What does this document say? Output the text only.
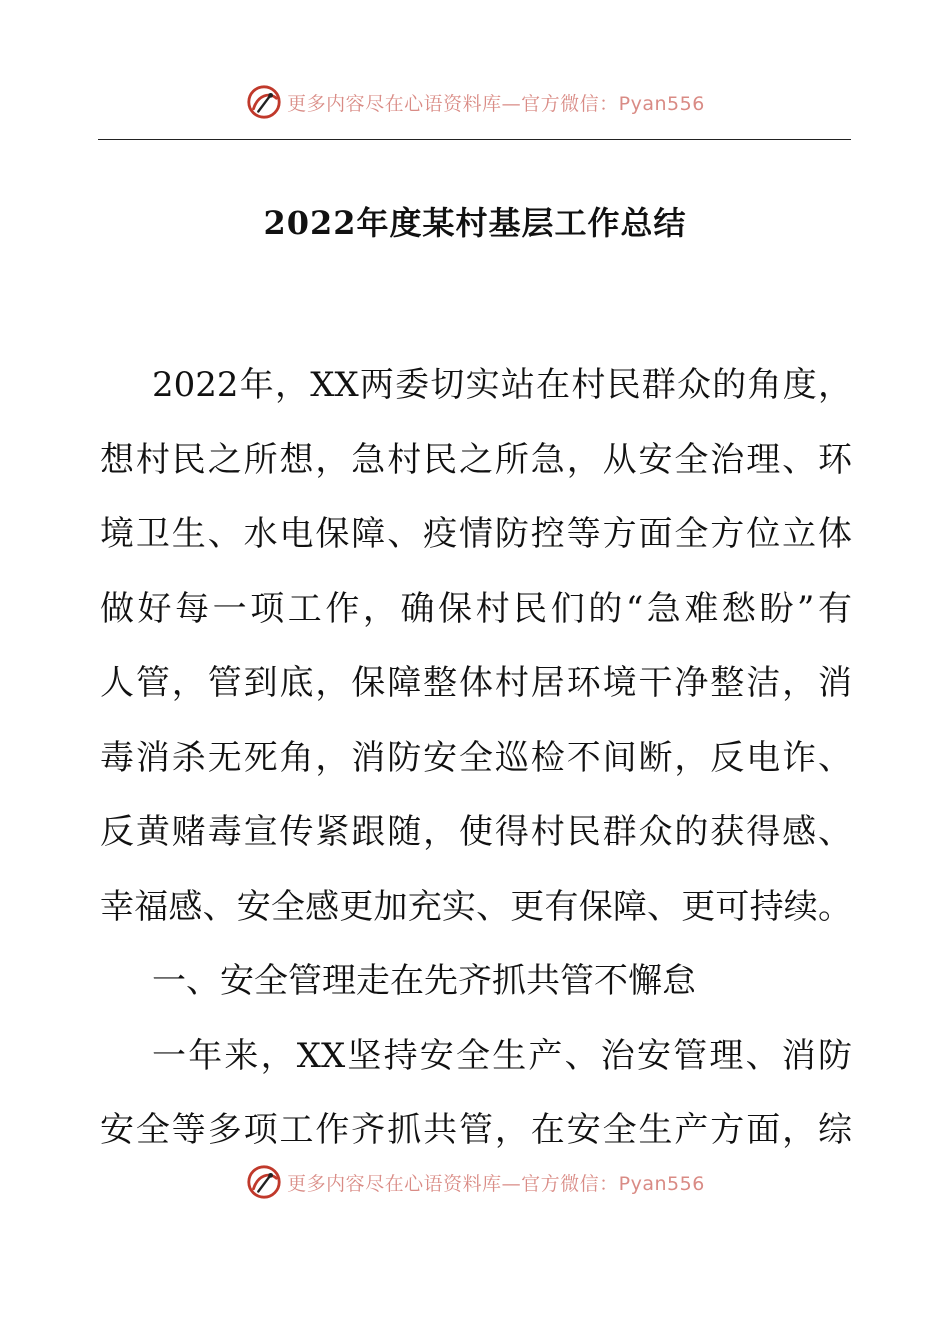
更多内容尽在心语资料库—官方微信：Pyan556
2022年度某村基层工作总结
2022年，XX两委切实站在村民群众的角度，
想村民之所想，急村民之所急，从安全治理、环
境卫生、水电保障、疫情防控等方面全方位立体
做好每一项工作，确保村民们的“急难愁盼”有
人管，管到底，保障整体村居环境干净整洁，消
毒消杀无死角，消防安全巡检不间断，反电诈、
反黄赌毒宣传紧跟随，使得村民群众的获得感、
幸福感、安全感更加充实、更有保障、更可持续。
一、安全管理走在先齐抓共管不懈怠
一年来，XX坚持安全生产、治安管理、消防
安全等多项工作齐抓共管，在安全生产方面，综
更多内容尽在心语资料库—官方微信：Pyan556
